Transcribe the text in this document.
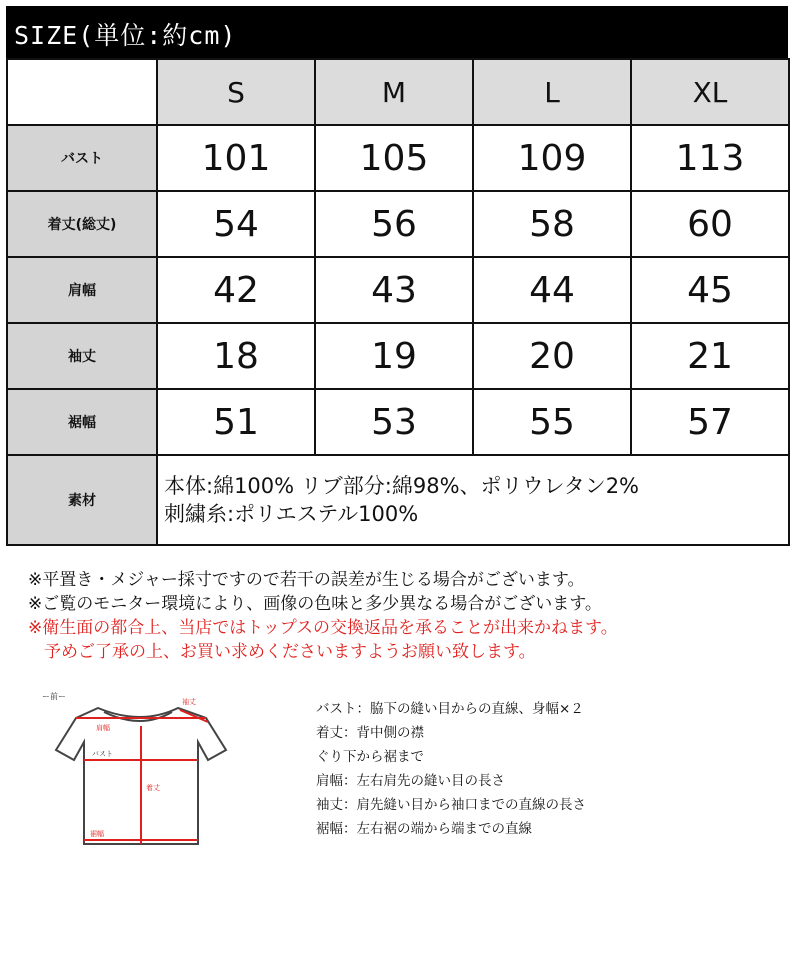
SIZE(単位:約cm)
	S	M	L	XL
バスト	101	105	109	113
着丈(総丈)	54	56	58	60
肩幅	42	43	44	45
袖丈	18	19	20	21
裾幅	51	53	55	57
素材	本体:綿100% リブ部分:綿98%、ポリウレタン2%
刺繍糸:ポリエステル100%			
※平置き・メジャー採寸ですので若干の誤差が生じる場合がございます。
※ご覧のモニター環境により、画像の色味と多少異なる場合がございます。
※衛生面の都合上、当店ではトップスの交換返品を承ることが出来かねます。
予めご了承の上、お買い求めくださいますようお願い致します。
ー前ー
肩幅
袖丈
バスト
着丈
裾幅
バスト：脇下の縫い目からの直線、身幅×２
着丈：背中側の襟
ぐり下から裾まで
肩幅：左右肩先の縫い目の長さ
袖丈：肩先縫い目から袖口までの直線の長さ
裾幅：左右裾の端から端までの直線
